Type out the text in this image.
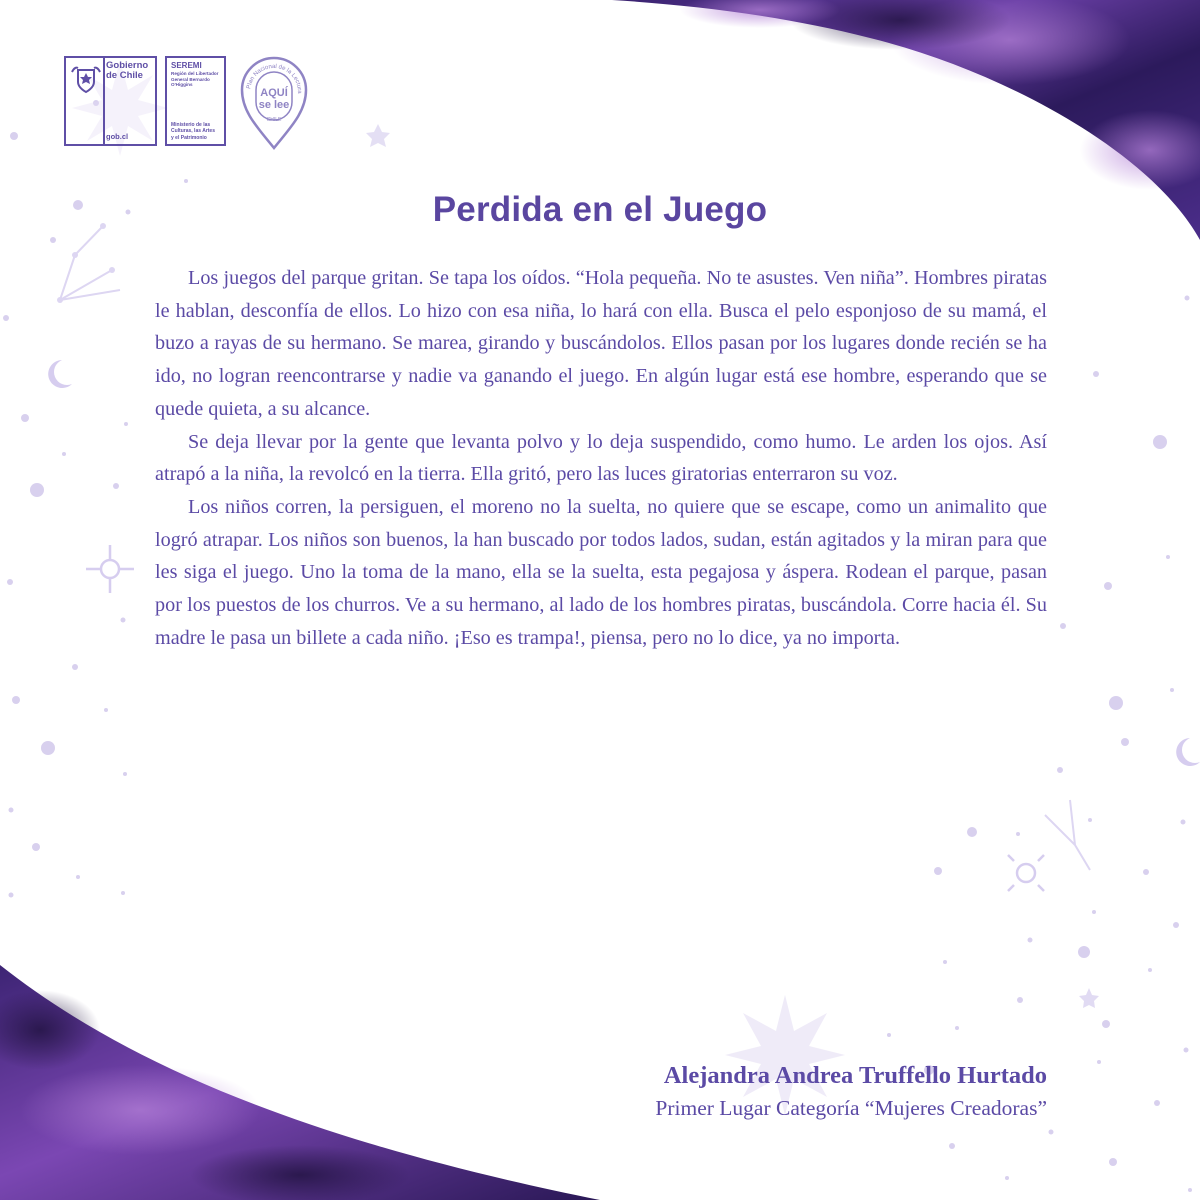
Gobierno
de Chile
gob.cl
SEREMI
Región del Libertador
General Bernardo
O'Higgins
Ministerio de las
Culturas, las Artes
y el Patrimonio
Plan Nacional de la Lectura
AQUÍ
se lee
CHILE
Perdida en el Juego

Los juegos del parque gritan. Se tapa los oídos. “Hola pequeña. No te asustes. Ven niña”. Hombres piratas le hablan, desconfía de ellos. Lo hizo con esa niña, lo hará con ella. Busca el pelo esponjoso de su mamá, el buzo a rayas de su hermano. Se marea, girando y buscándolos. Ellos pasan por los lugares donde recién se ha ido, no logran reencontrarse y nadie va ganando el juego. En algún lugar está ese hombre, esperando que se quede quieta, a su alcance.

Se deja llevar por la gente que levanta polvo y lo deja suspendido, como humo. Le arden los ojos. Así atrapó a la niña, la revolcó en la tierra. Ella gritó, pero las luces giratorias enterraron su voz.

Los niños corren, la persiguen, el moreno no la suelta, no quiere que se escape, como un animalito que logró atrapar. Los niños son buenos, la han buscado por todos lados, sudan, están agitados y la miran para que les siga el juego. Uno la toma de la mano, ella se la suelta, esta pegajosa y áspera. Rodean el parque, pasan por los puestos de los churros. Ve a su hermano, al lado de los hombres piratas, buscándola. Corre hacia él. Su madre le pasa un billete a cada niño. ¡Eso es trampa!, piensa, pero no lo dice, ya no importa.

Alejandra Andrea Truffello Hurtado

Primer Lugar Categoría “Mujeres Creadoras”
